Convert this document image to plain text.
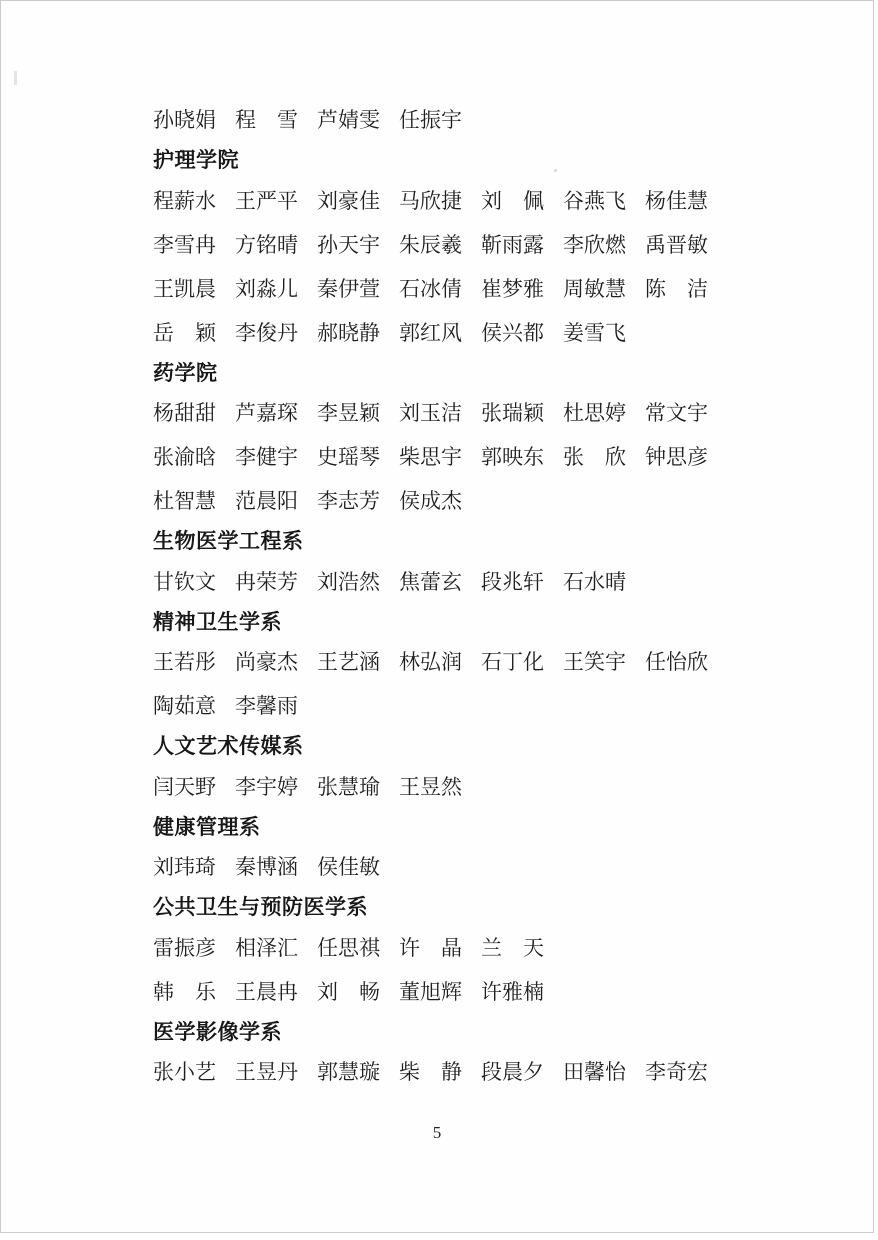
孙晓娟 程　雪 芦婧雯 任振宇
护理学院
程薪水 王严平 刘豪佳 马欣捷 刘　佩 谷燕飞 杨佳慧
李雪冉 方铭晴 孙天宇 朱辰羲 靳雨露 李欣燃 禹晋敏
王凯晨 刘淼儿 秦伊萱 石冰倩 崔梦雅 周敏慧 陈　洁
岳　颖 李俊丹 郝晓静 郭红风 侯兴都 姜雪飞
药学院
杨甜甜 芦嘉琛 李昱颖 刘玉洁 张瑞颖 杜思婷 常文宇
张渝晗 李健宇 史瑶琴 柴思宇 郭映东 张　欣 钟思彦
杜智慧 范晨阳 李志芳 侯成杰
生物医学工程系
甘钦文 冉荣芳 刘浩然 焦蕾玄 段兆轩 石水晴
精神卫生学系
王若彤 尚豪杰 王艺涵 林弘润 石丁化 王笑宇 任怡欣
陶茹意 李馨雨
人文艺术传媒系
闫天野 李宇婷 张慧瑜 王昱然
健康管理系
刘玮琦 秦博涵 侯佳敏
公共卫生与预防医学系
雷振彦 相泽汇 任思祺 许　晶 兰　天
韩　乐 王晨冉 刘　畅 董旭辉 许雅楠
医学影像学系
张小艺 王昱丹 郭慧璇 柴　静 段晨夕 田馨怡 李奇宏
5
